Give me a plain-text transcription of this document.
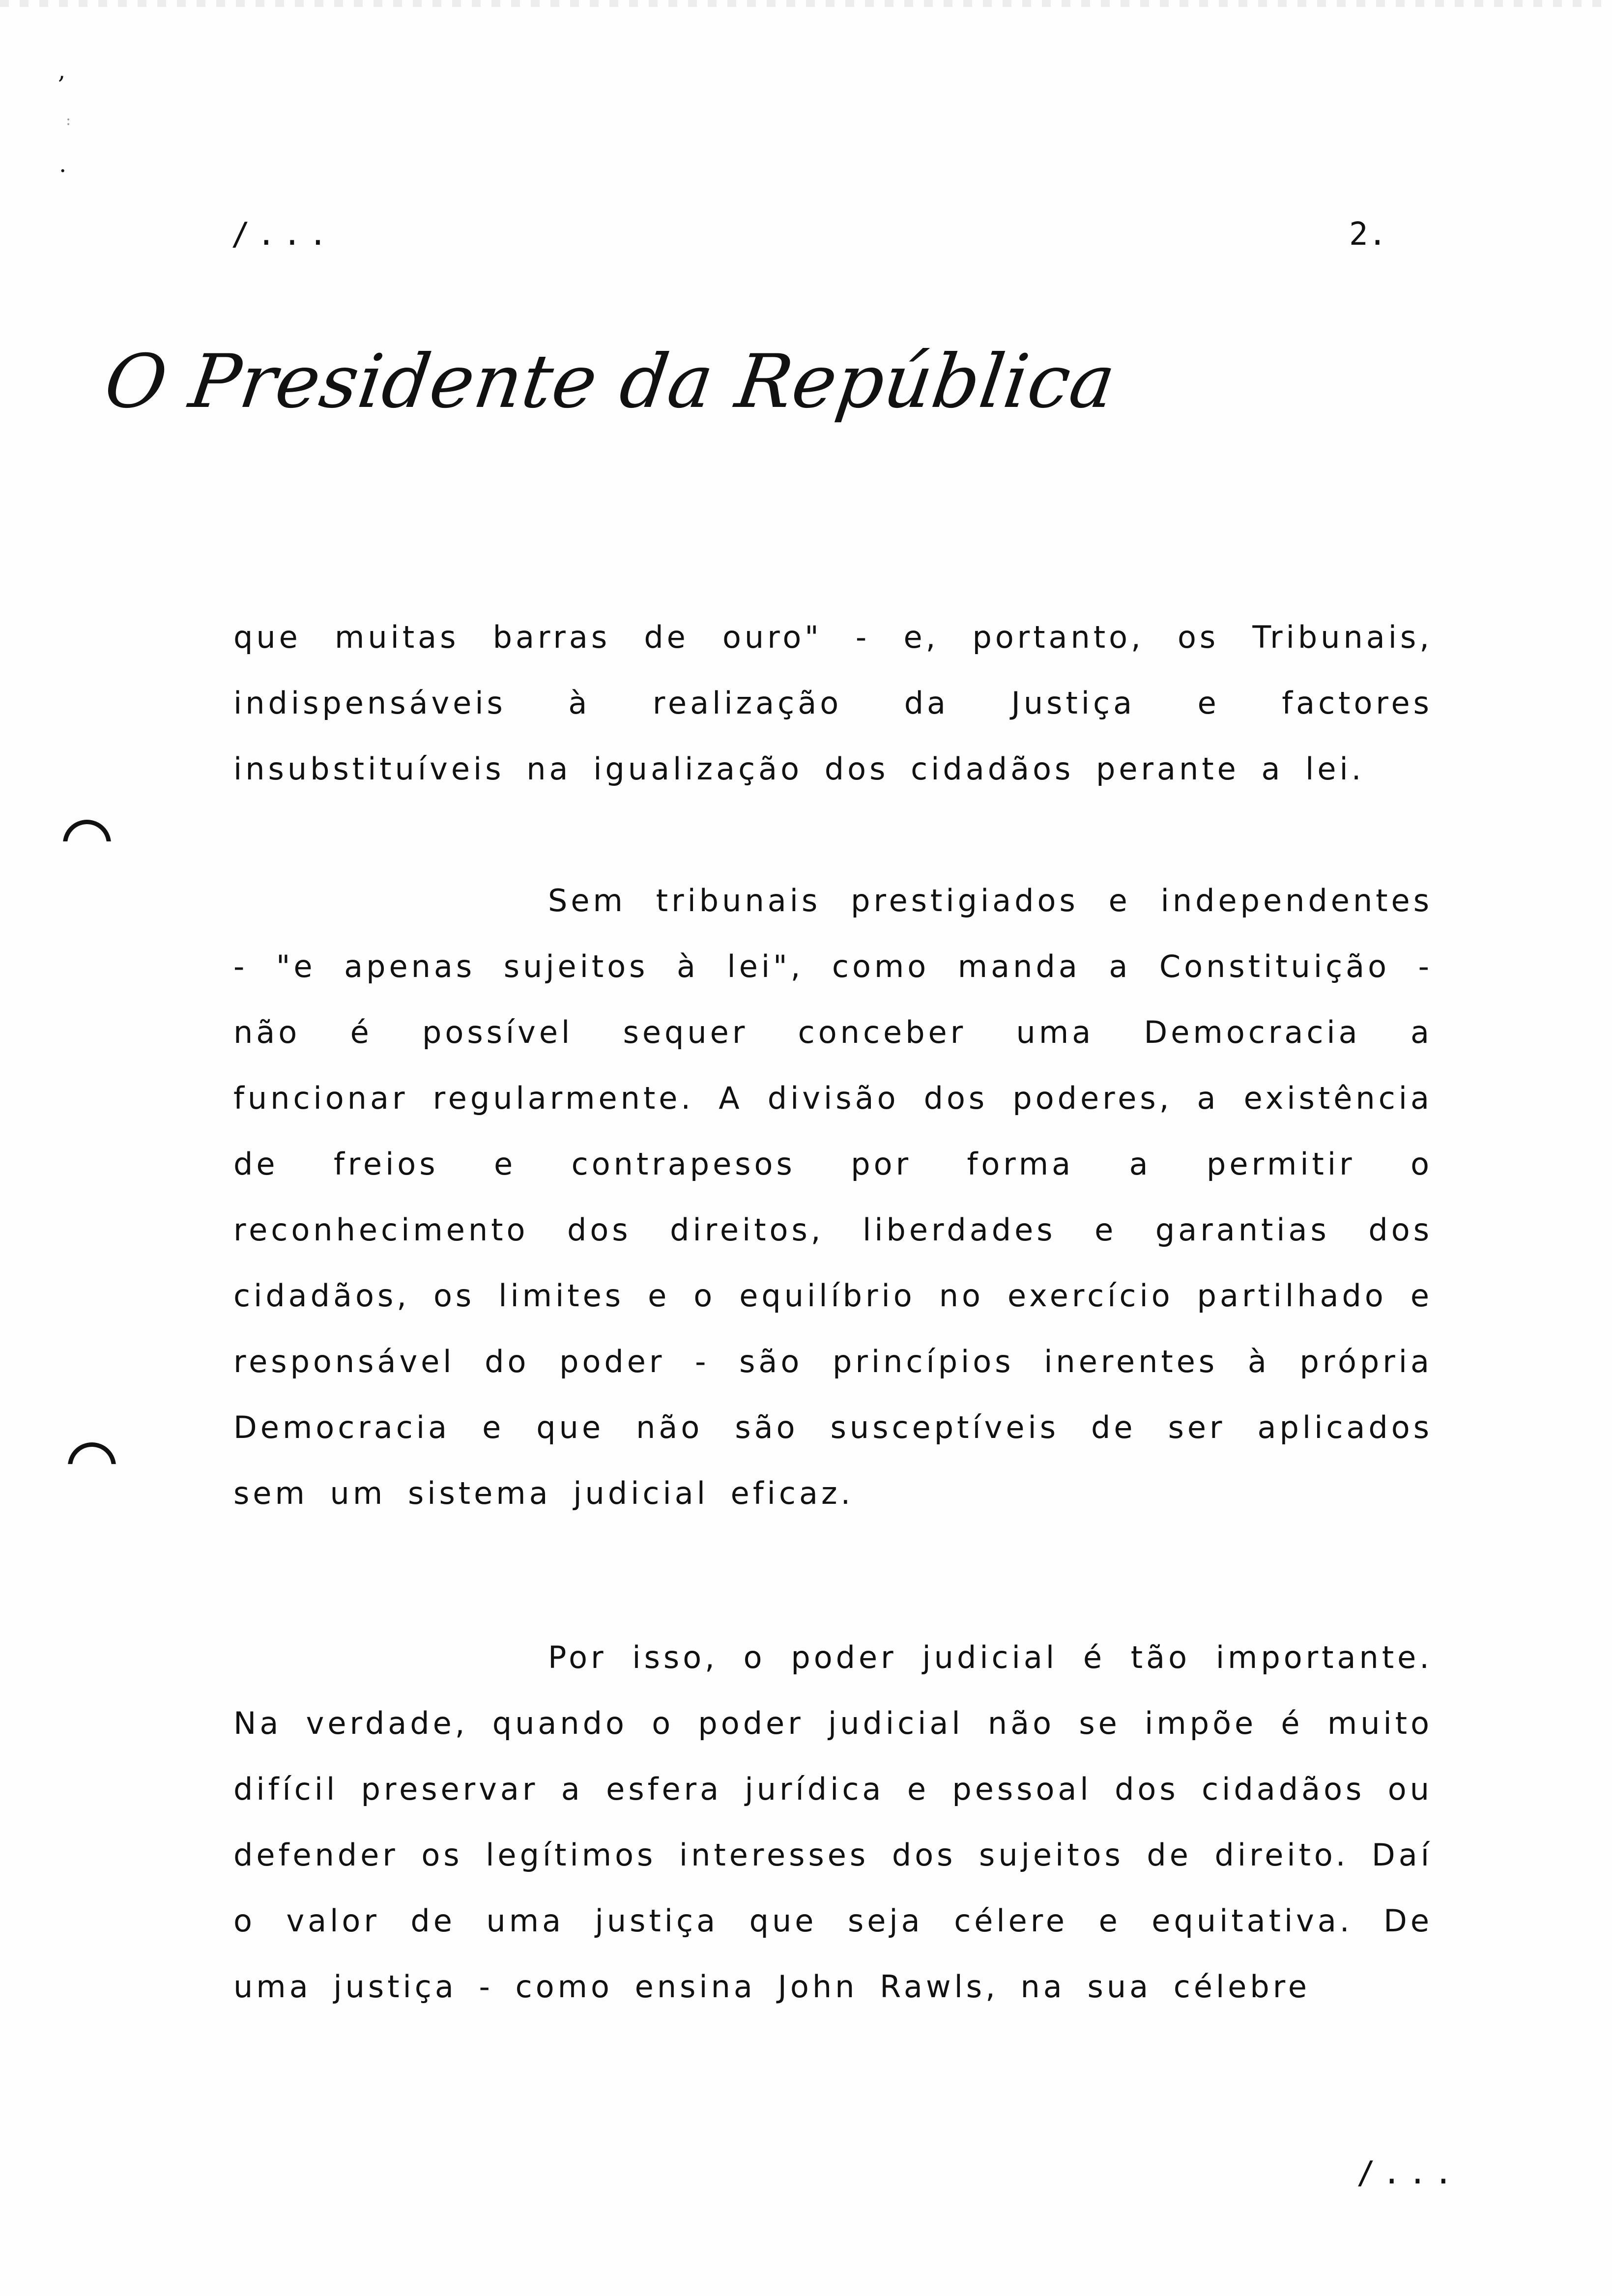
,
:
.
/...	2.
O Presidente da República

que muitas barras de ouro" - e, portanto, os Tribunais, indispensáveis à realização da Justiça e factores insubstituíveis na igualização dos cidadãos perante a lei.

Sem tribunais prestigiados e independentes - "e apenas sujeitos à lei", como manda a Constituição - não é possível sequer conceber uma Democracia a funcionar regularmente. A divisão dos poderes, a existência de freios e contrapesos por forma a permitir o reconhecimento dos direitos, liberdades e garantias dos cidadãos, os limites e o equilíbrio no exercício partilhado e responsável do poder - são princípios inerentes à própria Democracia e que não são susceptíveis de ser aplicados sem um sistema judicial eficaz.

Por isso, o poder judicial é tão importante. Na verdade, quando o poder judicial não se impõe é muito difícil preservar a esfera jurídica e pessoal dos cidadãos ou defender os legítimos interesses dos sujeitos de direito. Daí o valor de uma justiça que seja célere e equitativa. De uma justiça - como ensina John Rawls, na sua célebre

/...
